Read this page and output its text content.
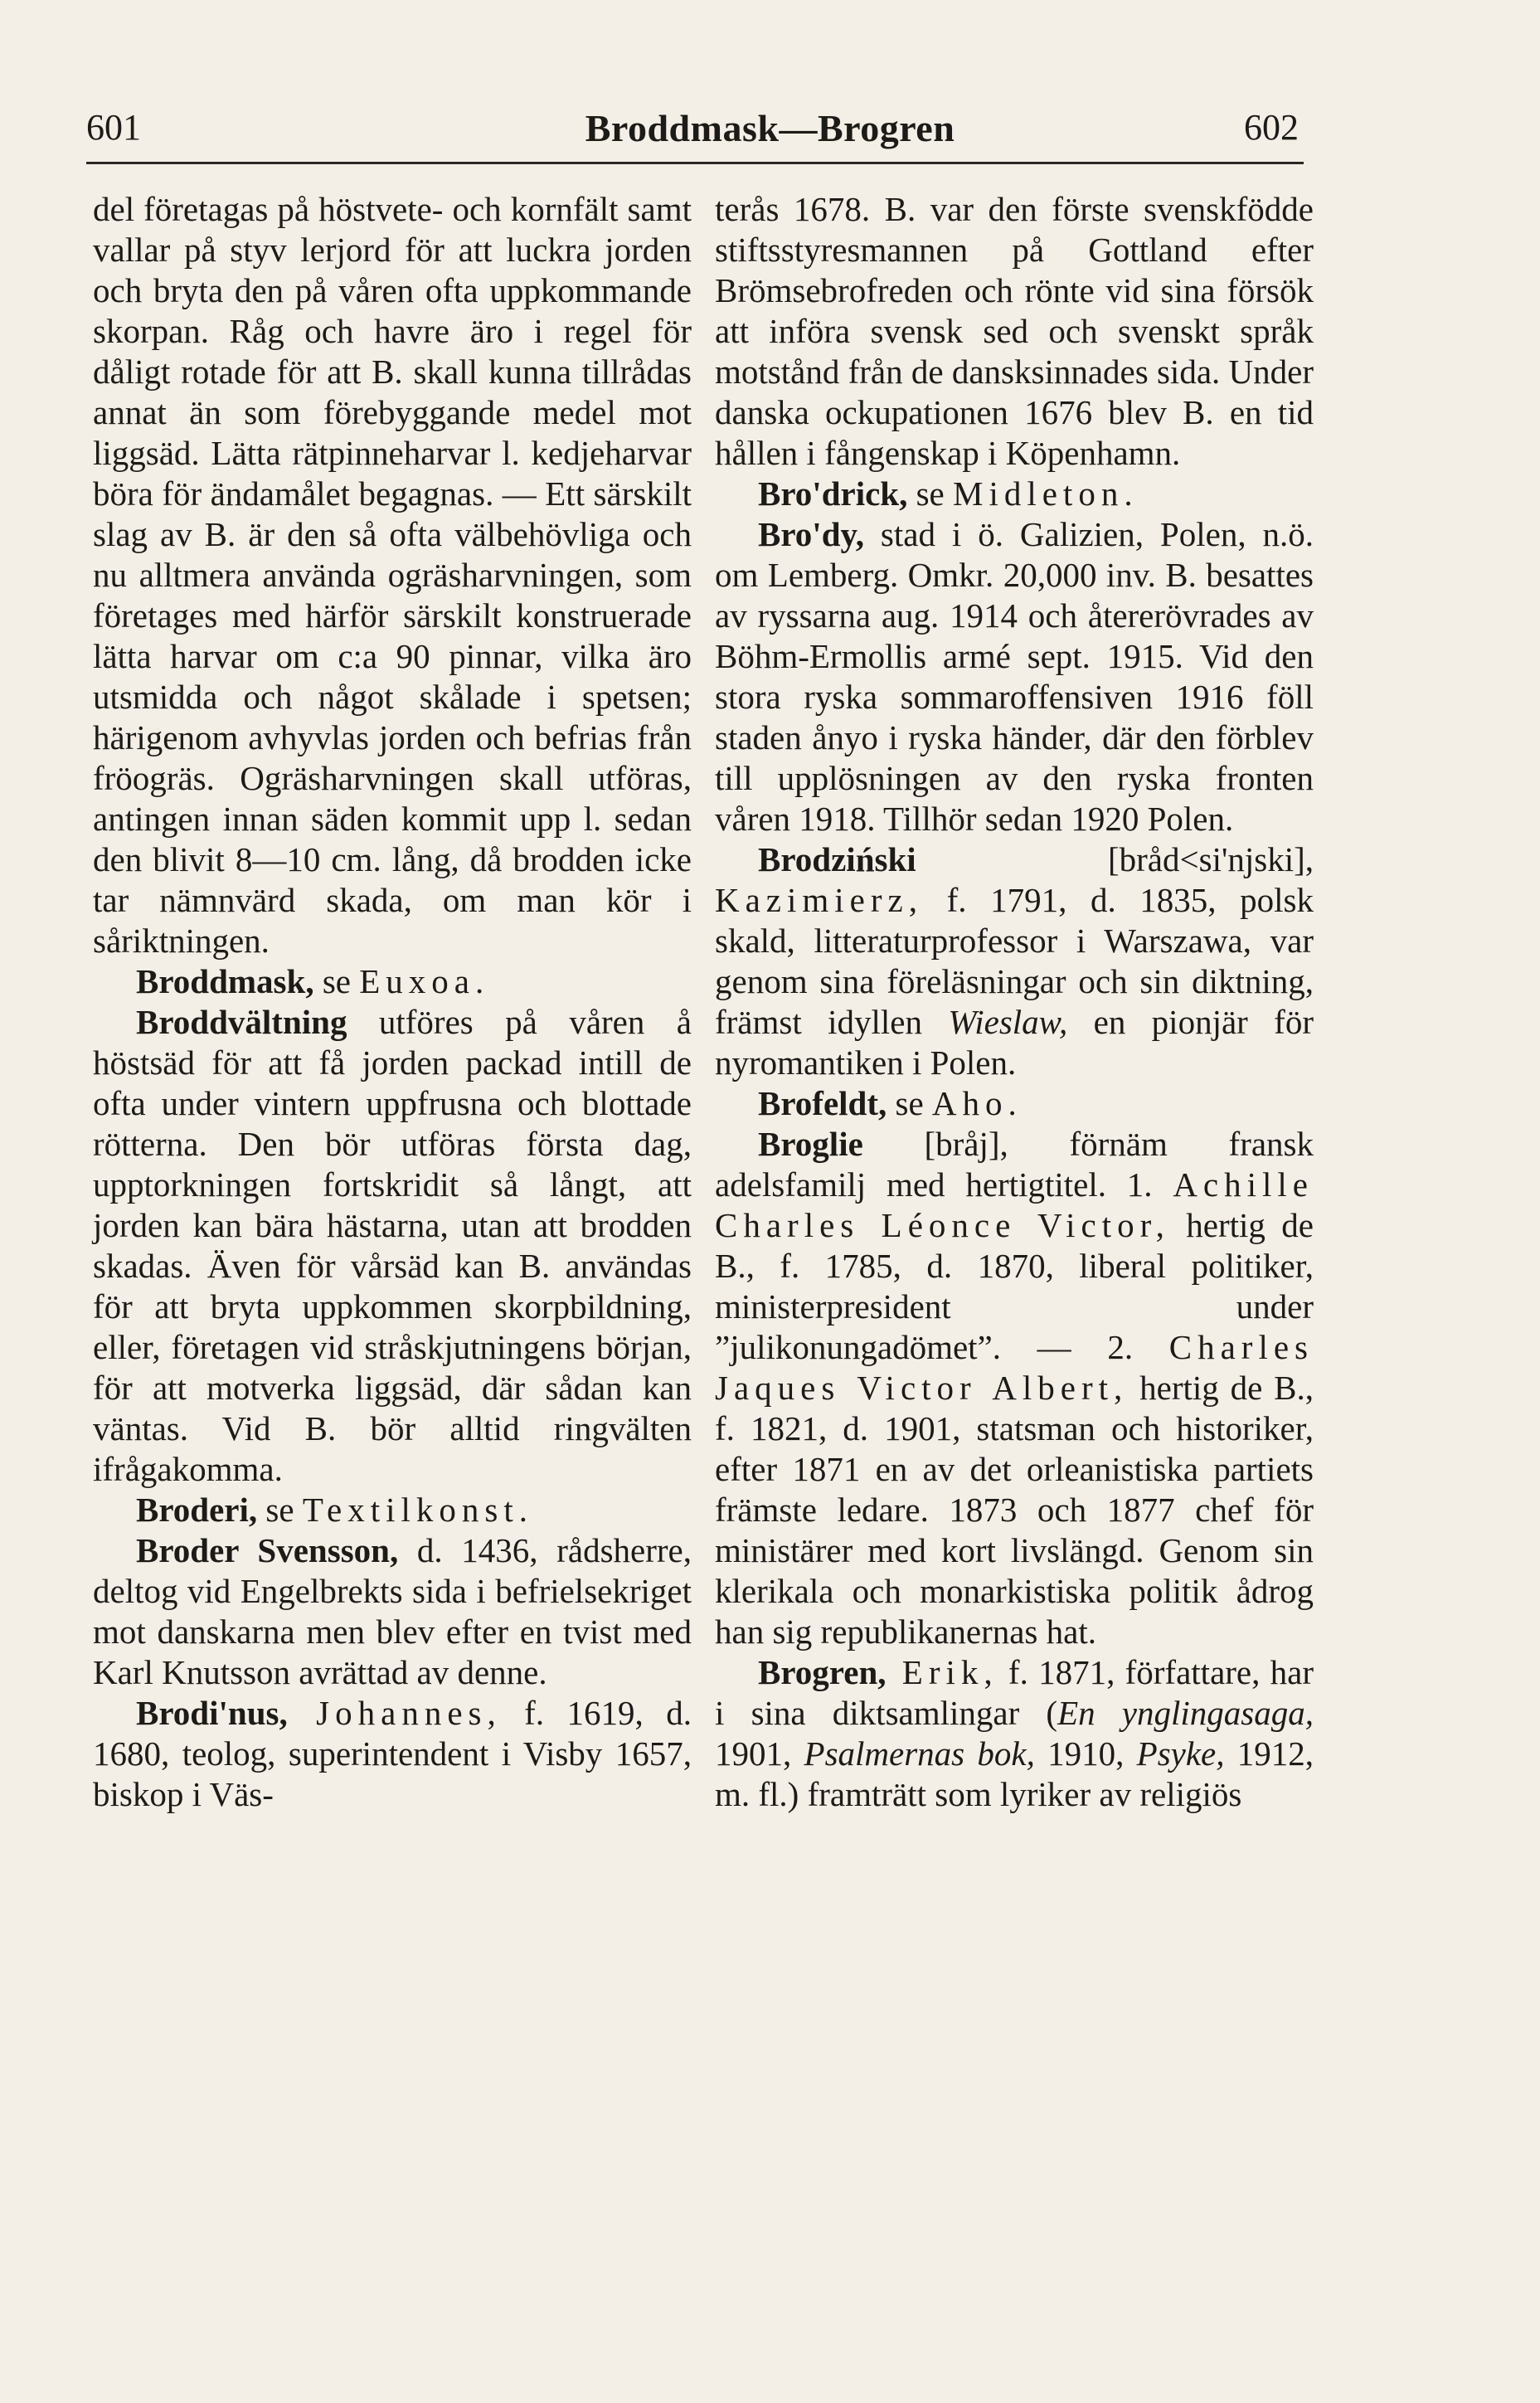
601	Broddmask—Brogren	602

del företagas på höstvete- och kornfält samt vallar på styv lerjord för att luckra jorden och bryta den på våren ofta uppkommande skorpan. Råg och havre äro i regel för dåligt rotade för att B. skall kunna tillrådas annat än som förebyggande medel mot liggsäd. Lätta rätpinneharvar l. kedjeharvar böra för ändamålet begagnas. — Ett särskilt slag av B. är den så ofta välbehövliga och nu alltmera använda ogräsharvningen, som företages med härför särskilt konstruerade lätta harvar om c:a 90 pinnar, vilka äro utsmidda och något skålade i spetsen; härigenom avhyvlas jorden och befrias från fröogräs. Ogräsharvningen skall utföras, antingen innan säden kommit upp l. sedan den blivit 8—10 cm. lång, då brodden icke tar nämnvärd skada, om man kör i såriktningen.

Broddmask, se Euxoa.

Broddvältning utföres på våren å höstsäd för att få jorden packad intill de ofta under vintern uppfrusna och blottade rötterna. Den bör utföras första dag, upptorkningen fortskridit så långt, att jorden kan bära hästarna, utan att brodden skadas. Även för vårsäd kan B. användas för att bryta uppkommen skorpbildning, eller, företagen vid stråskjutningens början, för att motverka liggsäd, där sådan kan väntas. Vid B. bör alltid ringvälten ifrågakomma.

Broderi, se Textilkonst.

Broder Svensson, d. 1436, rådsherre, deltog vid Engelbrekts sida i befrielsekriget mot danskarna men blev efter en tvist med Karl Knutsson avrättad av denne.

Brodi'nus, Johannes, f. 1619, d. 1680, teolog, superintendent i Visby 1657, biskop i Väs-

terås 1678. B. var den förste svenskfödde stiftsstyresmannen på Gottland efter Brömsebrofreden och rönte vid sina försök att införa svensk sed och svenskt språk motstånd från de dansksinnades sida. Under danska ockupationen 1676 blev B. en tid hållen i fångenskap i Köpenhamn.

Bro'drick, se Midleton.

Bro'dy, stad i ö. Galizien, Polen, n.ö. om Lemberg. Omkr. 20,000 inv. B. besattes av ryssarna aug. 1914 och återerövrades av Böhm-Ermollis armé sept. 1915. Vid den stora ryska sommaroffensiven 1916 föll staden ånyo i ryska händer, där den förblev till upplösningen av den ryska fronten våren 1918. Tillhör sedan 1920 Polen.

Brodziński [bråd<si'njski], Kazimierz, f. 1791, d. 1835, polsk skald, litteraturprofessor i Warszawa, var genom sina föreläsningar och sin diktning, främst idyllen Wieslaw, en pionjär för nyromantiken i Polen.

Brofeldt, se Aho.

Broglie [bråj], förnäm fransk adelsfamilj med hertigtitel. 1. Achille Charles Léonce Victor, hertig de B., f. 1785, d. 1870, liberal politiker, ministerpresident under ”julikonungadömet”. — 2. Charles Jaques Victor Albert, hertig de B., f. 1821, d. 1901, statsman och historiker, efter 1871 en av det orleanistiska partiets främste ledare. 1873 och 1877 chef för ministärer med kort livslängd. Genom sin klerikala och monarkistiska politik ådrog han sig republikanernas hat.

Brogren, Erik, f. 1871, författare, har i sina diktsamlingar (En ynglingasaga, 1901, Psalmernas bok, 1910, Psyke, 1912, m. fl.) framträtt som lyriker av religiös
